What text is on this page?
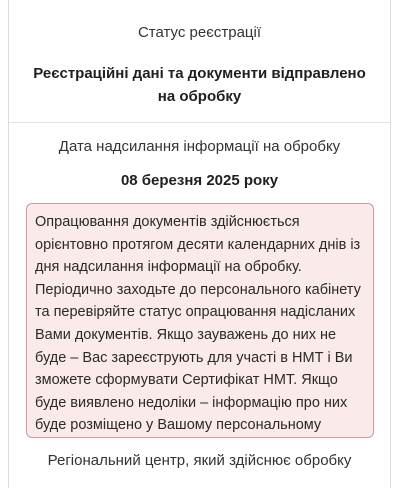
Статус реєстрації
Реєстраційні дані та документи відправлено на обробку
Дата надсилання інформації на обробку
08 березня 2025 року
Опрацювання документів здійснюється орієнтовно протягом десяти календарних днів із дня надсилання інформації на обробку. Періодично заходьте до персонального кабінету та перевіряйте статус опрацювання надісланих Вами документів. Якщо зауважень до них не буде – Вас зареєструють для участі в НМТ і Ви зможете сформувати Сертифікат НМТ. Якщо буде виявлено недоліки – інформацію про них буде розміщено у Вашому персональному
Регіональний центр, який здійснює обробку
